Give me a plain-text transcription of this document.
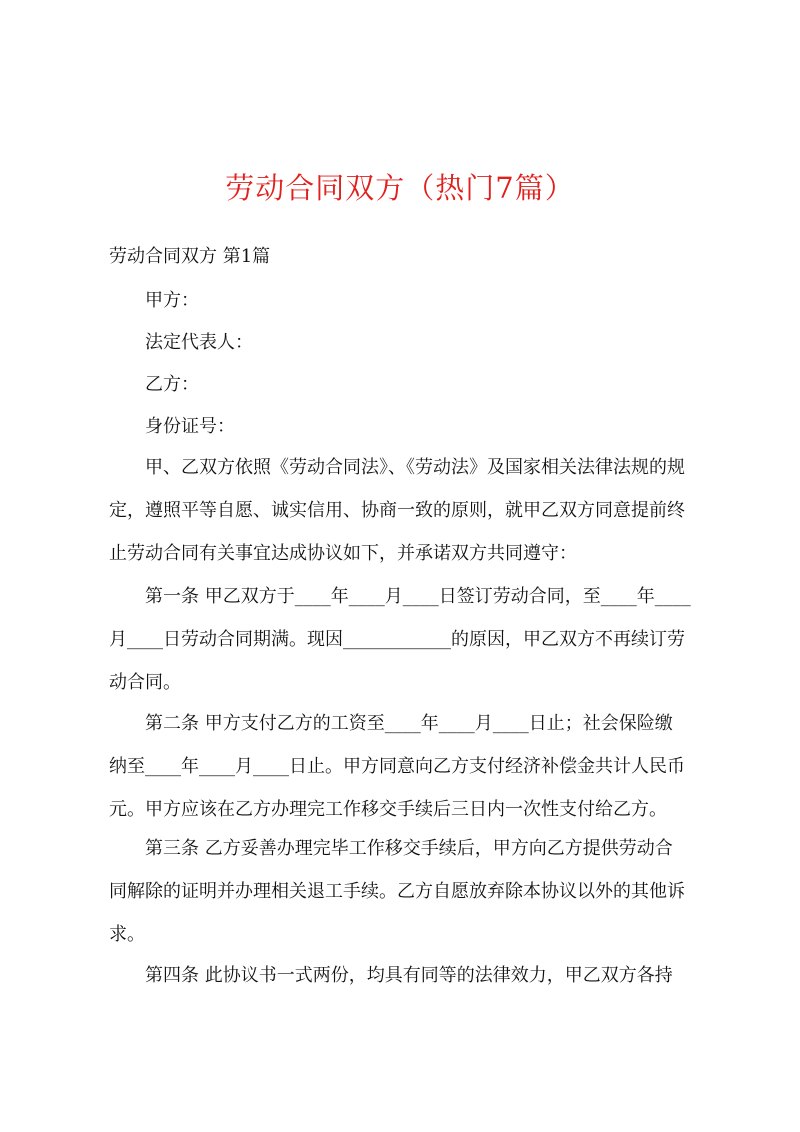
劳动合同双方（热门7篇）
劳动合同双方 第1篇
甲方：
法定代表人：
乙方：
身份证号：
甲、乙双方依照《劳动合同法》、《劳动法》及国家相关法律法规的规
定，遵照平等自愿、诚实信用、协商一致的原则，就甲乙双方同意提前终
止劳动合同有关事宜达成协议如下，并承诺双方共同遵守：
第一条 甲乙双方于____年____月____日签订劳动合同，至____年____
月____日劳动合同期满。现因____________的原因，甲乙双方不再续订劳
动合同。
第二条 甲方支付乙方的工资至____年____月____日止；社会保险缴
纳至____年____月____日止。甲方同意向乙方支付经济补偿金共计人民币
元。甲方应该在乙方办理完工作移交手续后三日内一次性支付给乙方。
第三条 乙方妥善办理完毕工作移交手续后，甲方向乙方提供劳动合
同解除的证明并办理相关退工手续。乙方自愿放弃除本协议以外的其他诉
求。
第四条 此协议书一式两份，均具有同等的法律效力，甲乙双方各持
